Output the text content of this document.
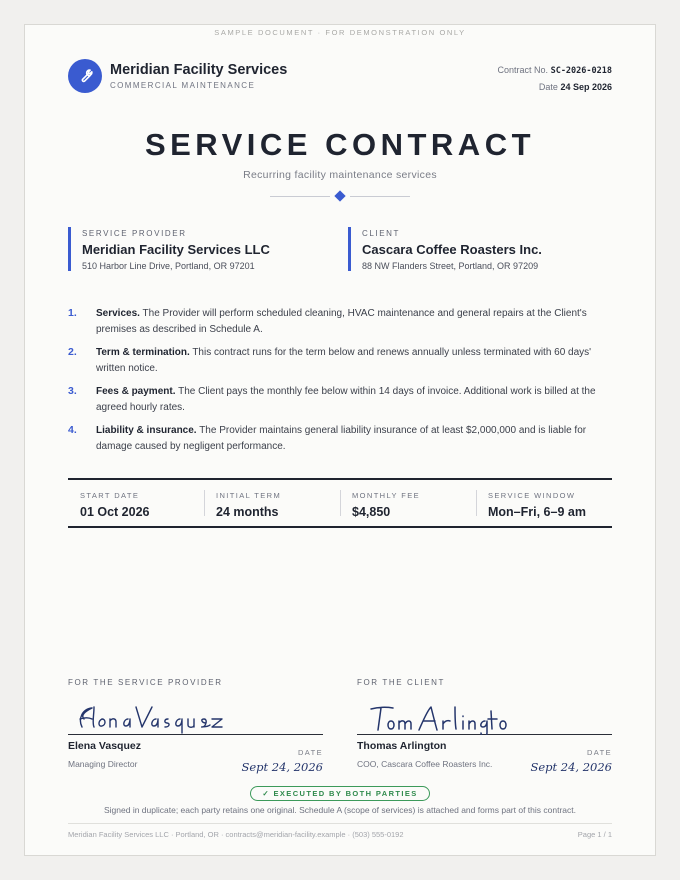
SAMPLE DOCUMENT · FOR DEMONSTRATION ONLY
Meridian Facility Services
COMMERCIAL MAINTENANCE
Contract No. SC-2026-0218
Date 24 Sep 2026
SERVICE CONTRACT
Recurring facility maintenance services
SERVICE PROVIDER
Meridian Facility Services LLC
510 Harbor Line Drive, Portland, OR 97201
CLIENT
Cascara Coffee Roasters Inc.
88 NW Flanders Street, Portland, OR 97209
1. Services. The Provider will perform scheduled cleaning, HVAC maintenance and general repairs at the Client's premises as described in Schedule A.
2. Term & termination. This contract runs for the term below and renews annually unless terminated with 60 days' written notice.
3. Fees & payment. The Client pays the monthly fee below within 14 days of invoice. Additional work is billed at the agreed hourly rates.
4. Liability & insurance. The Provider maintains general liability insurance of at least $2,000,000 and is liable for damage caused by negligent performance.
START DATE
01 Oct 2026
INITIAL TERM
24 months
MONTHLY FEE
$4,850
SERVICE WINDOW
Mon–Fri, 6–9 am
FOR THE SERVICE PROVIDER
Elena Vasquez
Managing Director
DATE
Sept 24, 2026
FOR THE CLIENT
Thomas Arlington
COO, Cascara Coffee Roasters Inc.
DATE
Sept 24, 2026
✓ EXECUTED BY BOTH PARTIES
Signed in duplicate; each party retains one original. Schedule A (scope of services) is attached and forms part of this contract.
Meridian Facility Services LLC · Portland, OR · contracts@meridian-facility.example · (503) 555-0192	Page 1 / 1
